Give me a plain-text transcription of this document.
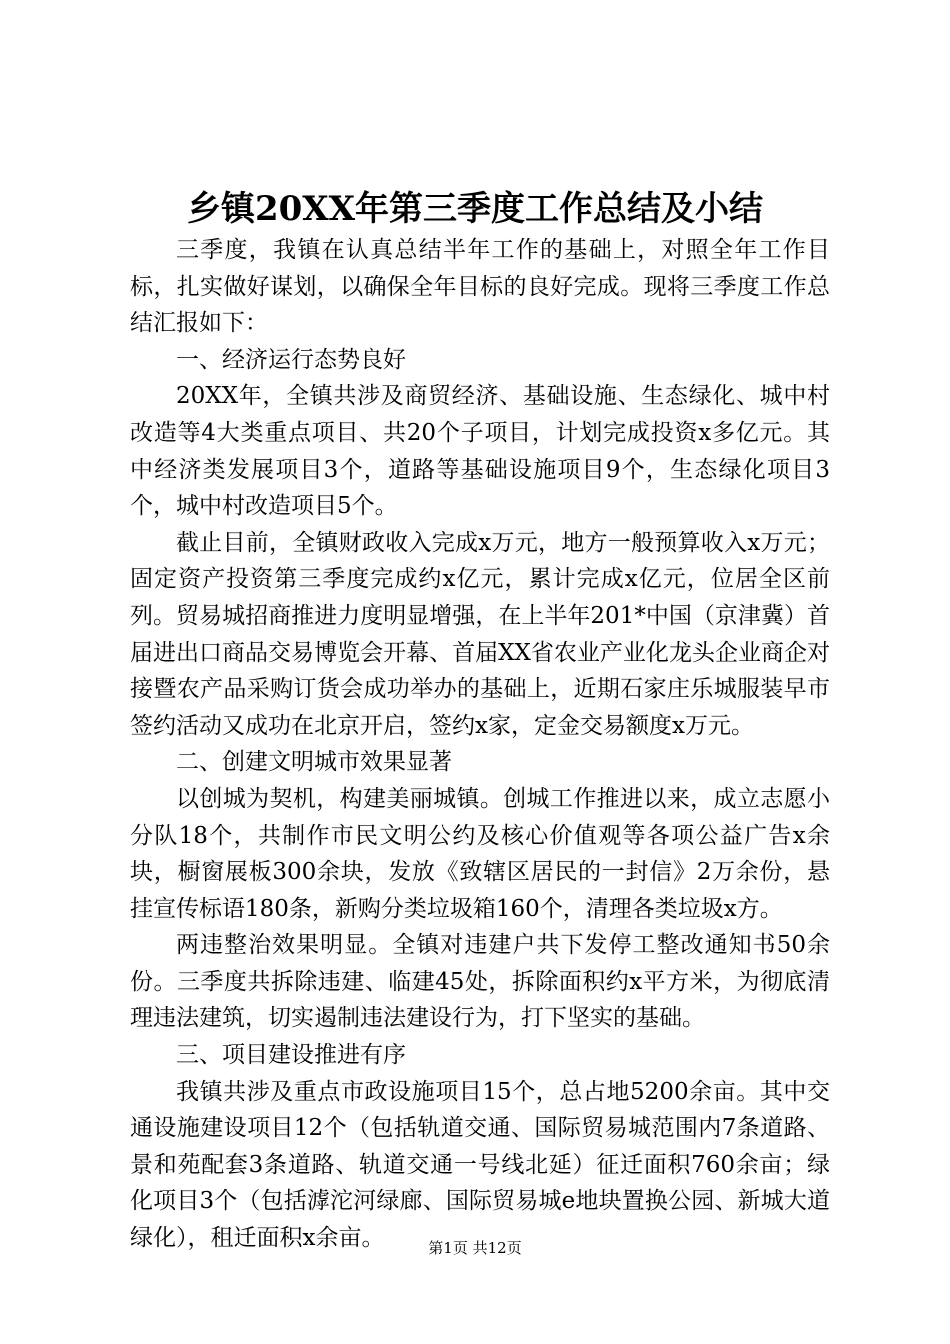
乡镇20XX年第三季度工作总结及小结

三季度，我镇在认真总结半年工作的基础上，对照全年工作目标，扎实做好谋划，以确保全年目标的良好完成。现将三季度工作总结汇报如下：

一、经济运行态势良好

20XX年，全镇共涉及商贸经济、基础设施、生态绿化、城中村改造等4大类重点项目、共20个子项目，计划完成投资x多亿元。其中经济类发展项目3个，道路等基础设施项目9个，生态绿化项目3个，城中村改造项目5个。

截止目前，全镇财政收入完成x万元，地方一般预算收入x万元；固定资产投资第三季度完成约x亿元，累计完成x亿元，位居全区前列。贸易城招商推进力度明显增强，在上半年201*中国（京津冀）首届进出口商品交易博览会开幕、首届XX省农业产业化龙头企业商企对接暨农产品采购订货会成功举办的基础上，近期石家庄乐城服装早市签约活动又成功在北京开启，签约x家，定金交易额度x万元。

二、创建文明城市效果显著

以创城为契机，构建美丽城镇。创城工作推进以来，成立志愿小分队18个，共制作市民文明公约及核心价值观等各项公益广告x余块，橱窗展板300余块，发放《致辖区居民的一封信》2万余份，悬挂宣传标语180条，新购分类垃圾箱160个，清理各类垃圾x方。

两违整治效果明显。全镇对违建户共下发停工整改通知书50余份。三季度共拆除违建、临建45处，拆除面积约x平方米，为彻底清理违法建筑，切实遏制违法建设行为，打下坚实的基础。

三、项目建设推进有序

我镇共涉及重点市政设施项目15个，总占地5200余亩。其中交通设施建设项目12个（包括轨道交通、国际贸易城范围内7条道路、景和苑配套3条道路、轨道交通一号线北延）征迁面积760余亩；绿化项目3个（包括滹沱河绿廊、国际贸易城e地块置换公园、新城大道绿化），租迁面积x余亩。	第1页 共12页
